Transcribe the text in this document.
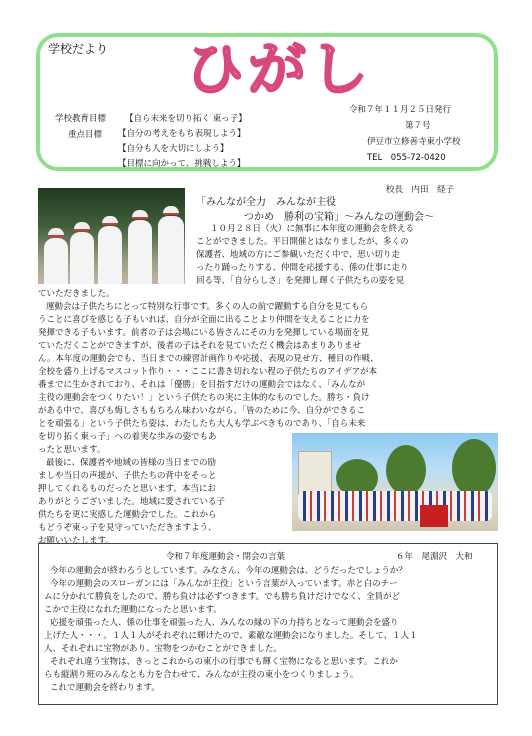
学校だより ひがし
学校教育目標 【自ら未来を切り拓く 東っ子】
重点目標 【自分の考えをもち表現しよう】
【自分も人を大切にしよう】
【目標に向かって、挑戦しよう】
令和７年１１月２５日発行
第７号
伊豆市立修善寺東小学校
TEL　055-72-0420
校長　内田　経子
「みんなが全力　みんなが主役
つかめ　勝利の宝箱」～みんなの運動会～
１０月２８日（火）に無事に本年度の運動会を終える
ことができました。平日開催とはなりましたが、多くの
保護者、地域の方にご参観いただく中で、思い切り走
ったり踊ったりする、仲間を応援する、係の仕事に走り
回る等、「自分らしさ」を発揮し輝く子供たちの姿を見
ていただきました。
運動会は子供たちにとって特別な行事です。多くの人の前で躍動する自分を見てもら
うことに喜びを感じる子もいれば、自分が全面に出ることより仲間を支えることに力を
発揮できる子もいます。前者の子は会場にいる皆さんにその力を発揮している場面を見
ていただくことができますが、後者の子はそれを見ていただく機会はあまりありませ
ん。本年度の運動会でも、当日までの練習計画作りや応援、表現の見せ方、種目の作戦、
全校を盛り上げるマスコット作り・・・ここに書き切れない程の子供たちのアイデアが本
番までに生かされており、それは「優勝」を目指すだけの運動会ではなく、「みんなが
主役の運動会をつくりたい！」という子供たちの実に主体的なものでした。勝ち・負け
がある中で、喜びも悔しさももちろん味わいながら、「皆のために今、自分ができるこ
とを頑張る」という子供たち姿は、わたしたち大人も学ぶべきものであり、「自ら未来
を切り拓く東っ子」への着実な歩みの姿でもあ
ったと思います。
最後に、保護者や地域の皆様の当日までの励
ましや当日の声援が、子供たちの背中をそっと
押してくれるものだったと思います。本当にお
ありがとうございました。地域に愛されている子
供たちを更に実感した運動会でした。これから
もどうぞ東っ子を見守っていただきますよう、
お願いいたします。
令和７年度運動会・閉会の言葉	６年　尾淵沢　大和
今年の運動会が終わろうとしています。みなさん、今年の運動会は、どうだったでしょうか？
今年の運動会のスローガンには「みんなが主役」という言葉が入っています。赤と白のチー
ムに分かれて勝負をしたので、勝ち負けは必ずつきます。でも勝ち負けだけでなく、全員がど
こかで主役になれた運動になったと思います。
応援を頑張った人、係の仕事を頑張った人、みんなの縁の下の力持ちとなって運動会を盛り
上げた人・・・。１人１人がそれぞれに輝けたので、素敵な運動会になりました。そして、１人１
人、それぞれに宝物があり、宝物をつかむことができました。
それぞれ違う宝物は、きっとこれからの東小の行事でも輝く宝物になると思います。これか
らも縦割り班のみんなとも力を合わせて、みんなが主役の東小をつくりましょう。
これで運動会を終わります。
